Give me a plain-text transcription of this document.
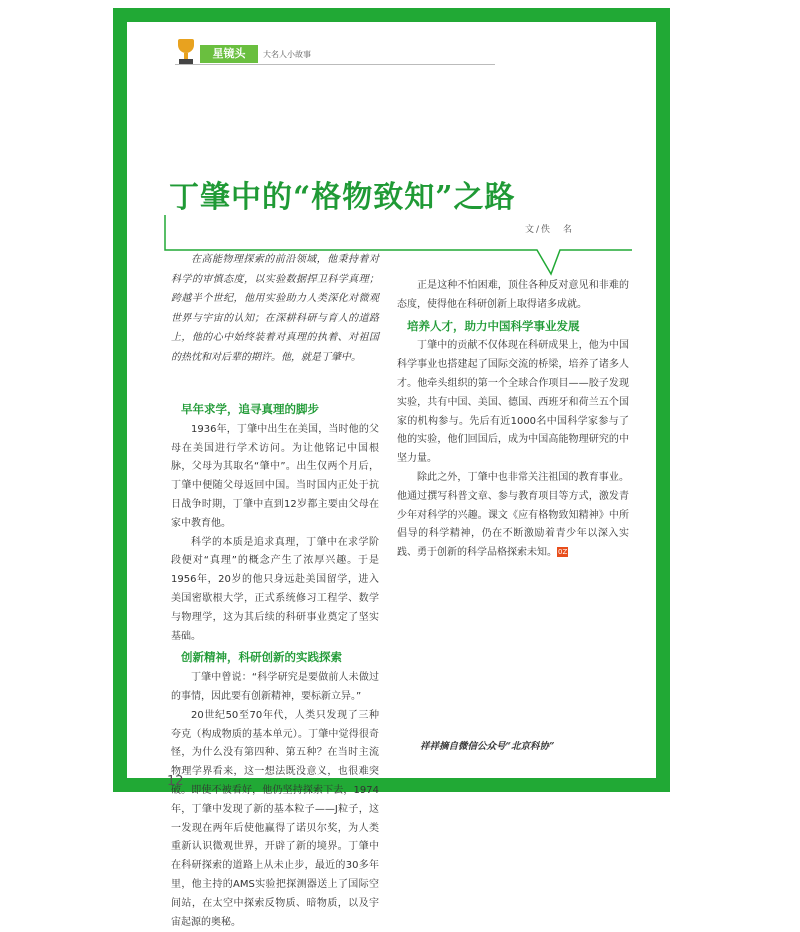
星镜头	大名人小故事
丁肇中的“格物致知”之路
文/佚　名

在高能物理探索的前沿领域，他秉持着对科学的审慎态度，以实验数据捍卫科学真理；跨越半个世纪，他用实验助力人类深化对微观世界与宇宙的认知；在深耕科研与育人的道路上，他的心中始终装着对真理的执着、对祖国的热忱和对后辈的期许。他，就是丁肇中。

早年求学，追寻真理的脚步

1936年，丁肇中出生在美国，当时他的父母在美国进行学术访问。为让他铭记中国根脉，父母为其取名“肇中”。出生仅两个月后，丁肇中便随父母返回中国。当时国内正处于抗日战争时期，丁肇中直到12岁都主要由父母在家中教育他。

科学的本质是追求真理，丁肇中在求学阶段便对“真理”的概念产生了浓厚兴趣。于是1956年，20岁的他只身远赴美国留学，进入美国密歇根大学，正式系统修习工程学、数学与物理学，这为其后续的科研事业奠定了坚实基础。

创新精神，科研创新的实践探索

丁肇中曾说：“科学研究是要做前人未做过的事情，因此要有创新精神，要标新立异。”

20世纪50至70年代，人类只发现了三种夸克（构成物质的基本单元）。丁肇中觉得很奇怪，为什么没有第四种、第五种？在当时主流物理学界看来，这一想法既没意义，也很难突破。即使不被看好，他仍坚持探索下去，1974年，丁肇中发现了新的基本粒子——J粒子，这一发现在两年后使他赢得了诺贝尔奖，为人类重新认识微观世界，开辟了新的境界。丁肇中在科研探索的道路上从未止步，最近的30多年里，他主持的AMS实验把探测器送上了国际空间站，在太空中探索反物质、暗物质，以及宇宙起源的奥秘。

正是这种不怕困难，顶住各种反对意见和非难的态度，使得他在科研创新上取得诸多成就。

培养人才，助力中国科学事业发展

丁肇中的贡献不仅体现在科研成果上，他为中国科学事业也搭建起了国际交流的桥梁，培养了诸多人才。他牵头组织的第一个全球合作项目——胶子发现实验，共有中国、美国、德国、西班牙和荷兰五个国家的机构参与。先后有近1000名中国科学家参与了他的实验，他们回国后，成为中国高能物理研究的中坚力量。

除此之外，丁肇中也非常关注祖国的教育事业。他通过撰写科普文章、参与教育项目等方式，激发青少年对科学的兴趣。课文《应有格物致知精神》中所倡导的科学精神，仍在不断激励着青少年以深入实践、勇于创新的科学品格探索未知。0Z

祥祥摘自微信公众号“北京科协”
12
